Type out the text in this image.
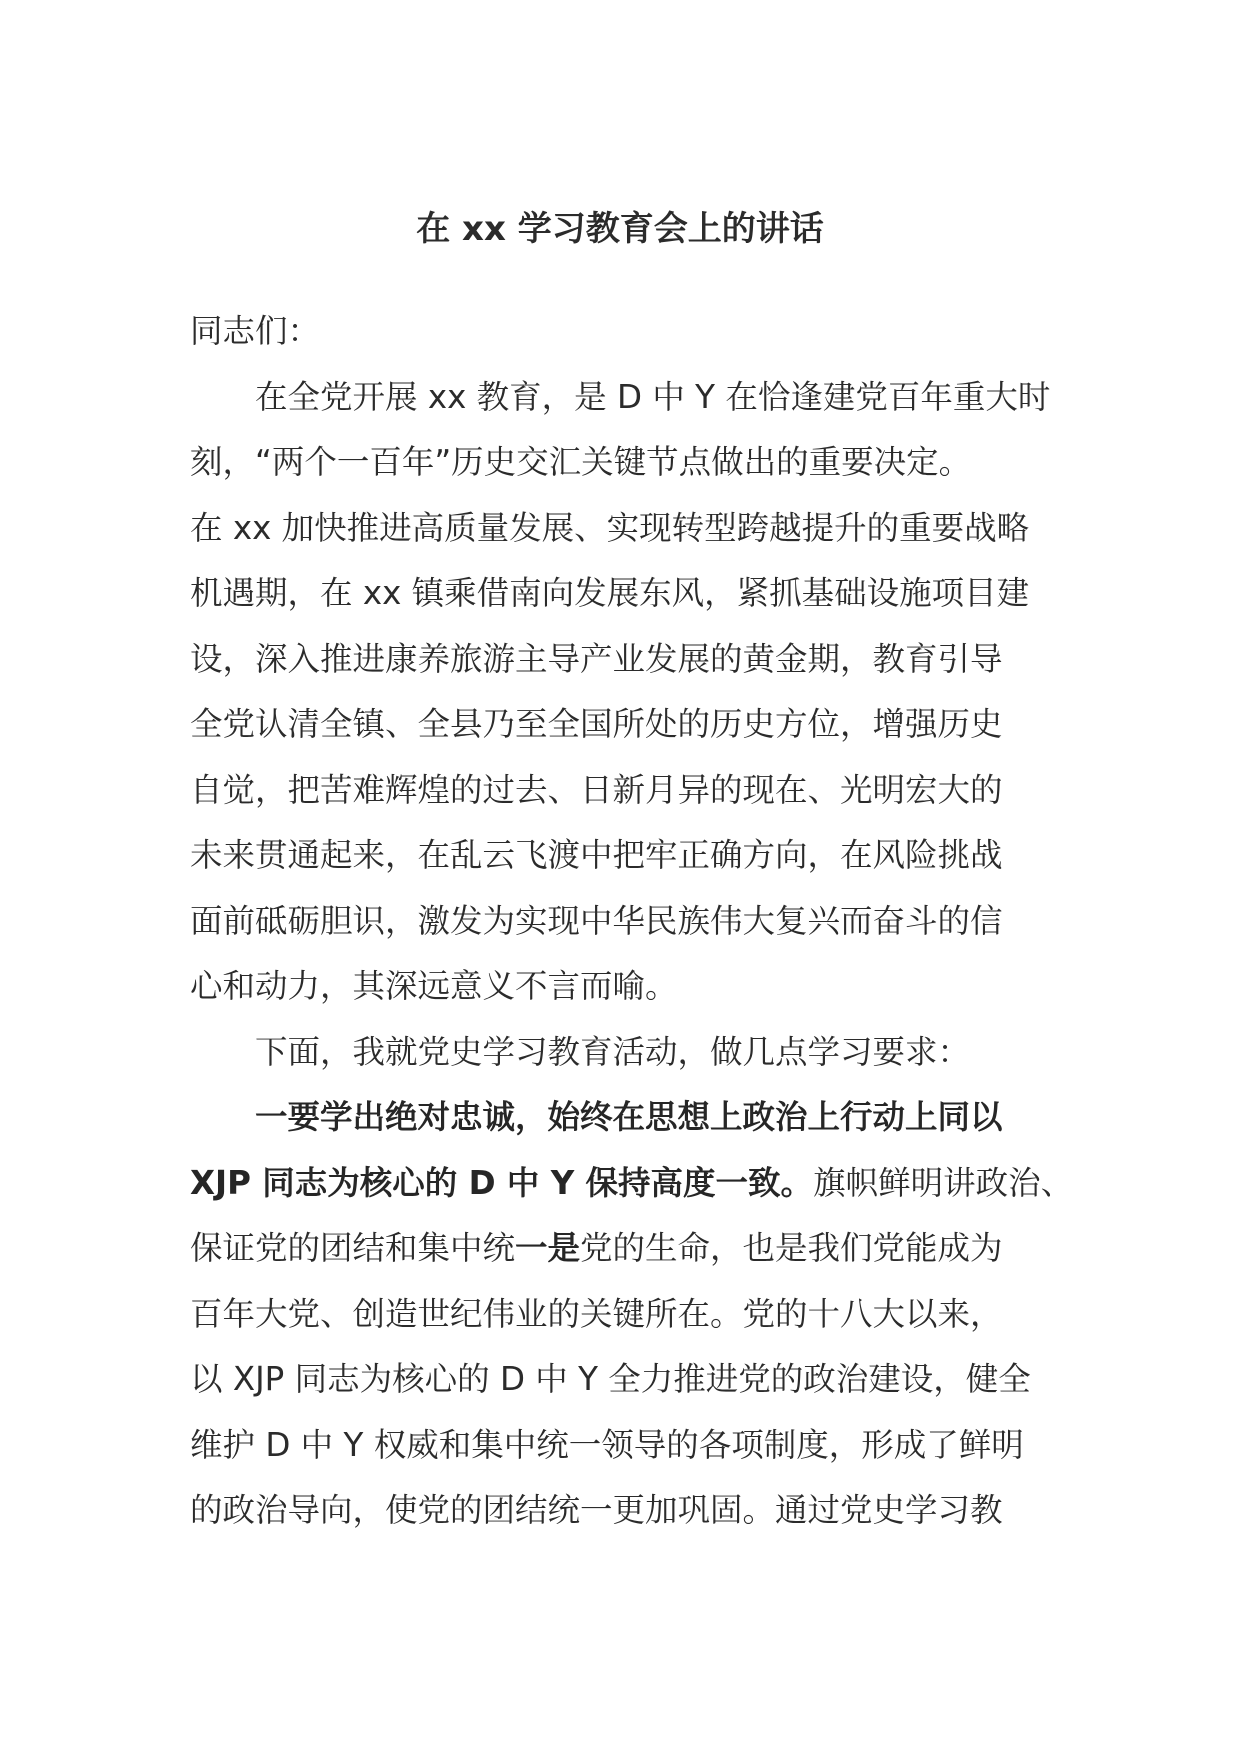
在 xx 学习教育会上的讲话
同志们：
在全党开展 xx 教育，是 D 中 Y 在恰逢建党百年重大时
刻，“两个一百年”历史交汇关键节点做出的重要决定。
在 xx 加快推进高质量发展、实现转型跨越提升的重要战略
机遇期，在 xx 镇乘借南向发展东风，紧抓基础设施项目建
设，深入推进康养旅游主导产业发展的黄金期，教育引导
全党认清全镇、全县乃至全国所处的历史方位，增强历史
自觉，把苦难辉煌的过去、日新月异的现在、光明宏大的
未来贯通起来，在乱云飞渡中把牢正确方向，在风险挑战
面前砥砺胆识，激发为实现中华民族伟大复兴而奋斗的信
心和动力，其深远意义不言而喻。
下面，我就党史学习教育活动，做几点学习要求：
一要学出绝对忠诚，始终在思想上政治上行动上同以
XJP 同志为核心的 D 中 Y 保持高度一致。旗帜鲜明讲政治、
保证党的团结和集中统一是党的生命，也是我们党能成为
百年大党、创造世纪伟业的关键所在。党的十八大以来，
以 XJP 同志为核心的 D 中 Y 全力推进党的政治建设，健全
维护 D 中 Y 权威和集中统一领导的各项制度，形成了鲜明
的政治导向，使党的团结统一更加巩固。通过党史学习教
